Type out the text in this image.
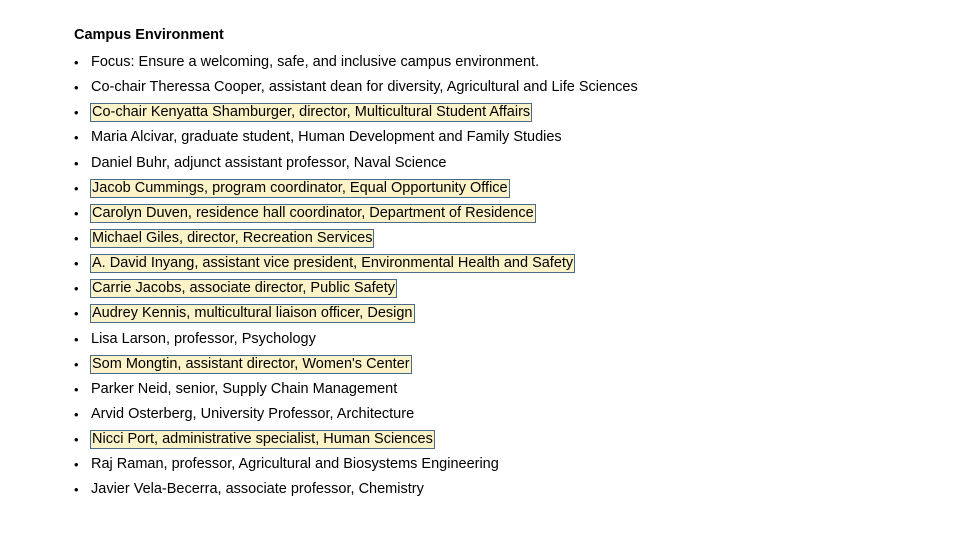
Campus Environment
• Focus: Ensure a welcoming, safe, and inclusive campus environment.
• Co-chair Theressa Cooper, assistant dean for diversity, Agricultural and Life Sciences
• Co-chair Kenyatta Shamburger, director, Multicultural Student Affairs
• Maria Alcivar, graduate student, Human Development and Family Studies
• Daniel Buhr, adjunct assistant professor, Naval Science
• Jacob Cummings, program coordinator, Equal Opportunity Office
• Carolyn Duven, residence hall coordinator, Department of Residence
• Michael Giles, director, Recreation Services
• A. David Inyang, assistant vice president, Environmental Health and Safety
• Carrie Jacobs, associate director, Public Safety
• Audrey Kennis, multicultural liaison officer, Design
• Lisa Larson, professor, Psychology
• Som Mongtin, assistant director, Women's Center
• Parker Neid, senior, Supply Chain Management
• Arvid Osterberg, University Professor, Architecture
• Nicci Port, administrative specialist, Human Sciences
• Raj Raman, professor, Agricultural and Biosystems Engineering
• Javier Vela-Becerra, associate professor, Chemistry
